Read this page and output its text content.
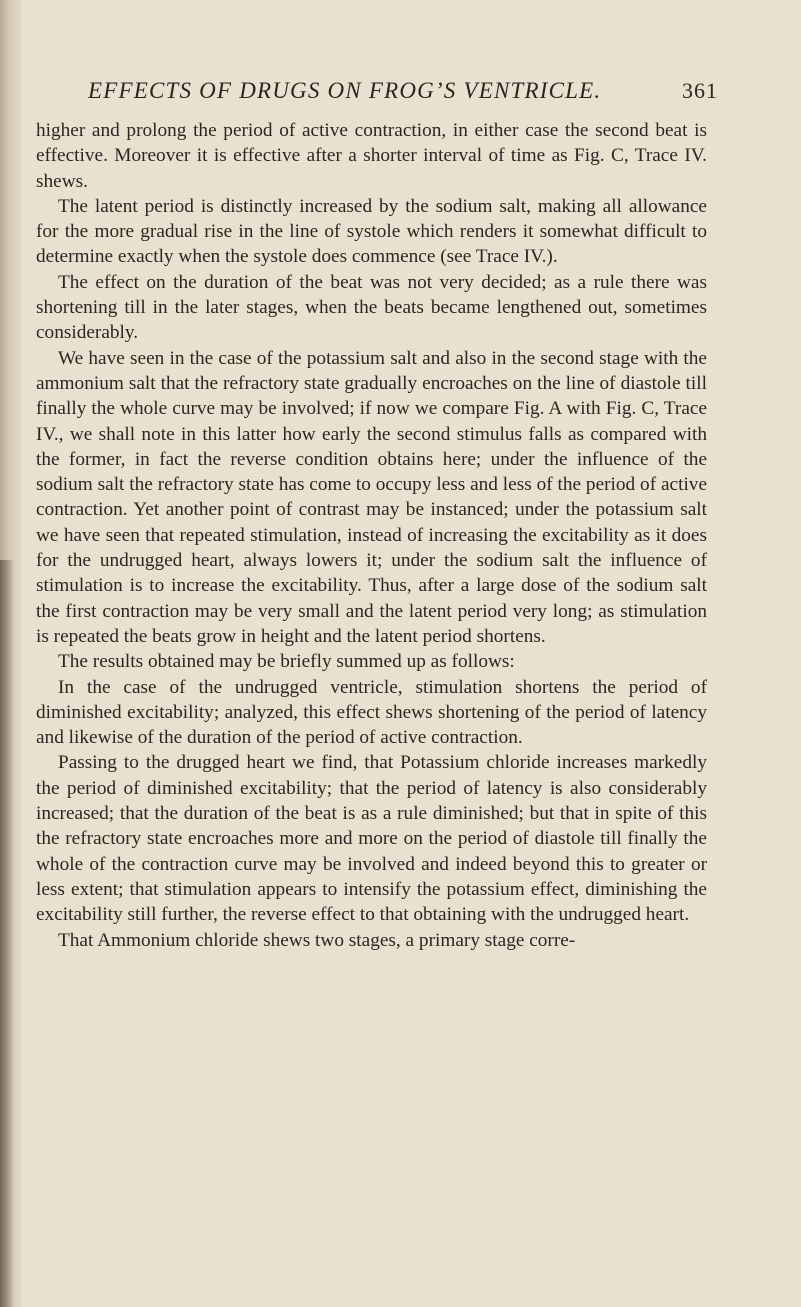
EFFECTS OF DRUGS ON FROG’S VENTRICLE.	361

higher and prolong the period of active contraction, in either case the second beat is effective. Moreover it is effective after a shorter interval of time as Fig. C, Trace IV. shews.

The latent period is distinctly increased by the sodium salt, making all allowance for the more gradual rise in the line of systole which renders it somewhat difficult to determine exactly when the systole does commence (see Trace IV.).

The effect on the duration of the beat was not very decided; as a rule there was shortening till in the later stages, when the beats became lengthened out, sometimes considerably.

We have seen in the case of the potassium salt and also in the second stage with the ammonium salt that the refractory state gradually encroaches on the line of diastole till finally the whole curve may be involved; if now we compare Fig. A with Fig. C, Trace IV., we shall note in this latter how early the second stimulus falls as compared with the former, in fact the reverse condition obtains here; under the influence of the sodium salt the refractory state has come to occupy less and less of the period of active contraction. Yet another point of contrast may be instanced; under the potassium salt we have seen that repeated stimulation, instead of increasing the excitability as it does for the undrugged heart, always lowers it; under the sodium salt the influence of stimulation is to increase the excitability. Thus, after a large dose of the sodium salt the first contraction may be very small and the latent period very long; as stimulation is repeated the beats grow in height and the latent period shortens.

The results obtained may be briefly summed up as follows:

In the case of the undrugged ventricle, stimulation shortens the period of diminished excitability; analyzed, this effect shews shortening of the period of latency and likewise of the duration of the period of active contraction.

Passing to the drugged heart we find, that Potassium chloride increases markedly the period of diminished excitability; that the period of latency is also considerably increased; that the duration of the beat is as a rule diminished; but that in spite of this the refractory state encroaches more and more on the period of diastole till finally the whole of the contraction curve may be involved and indeed beyond this to greater or less extent; that stimulation appears to intensify the potassium effect, diminishing the excitability still further, the reverse effect to that obtaining with the undrugged heart.

That Ammonium chloride shews two stages, a primary stage corre-
